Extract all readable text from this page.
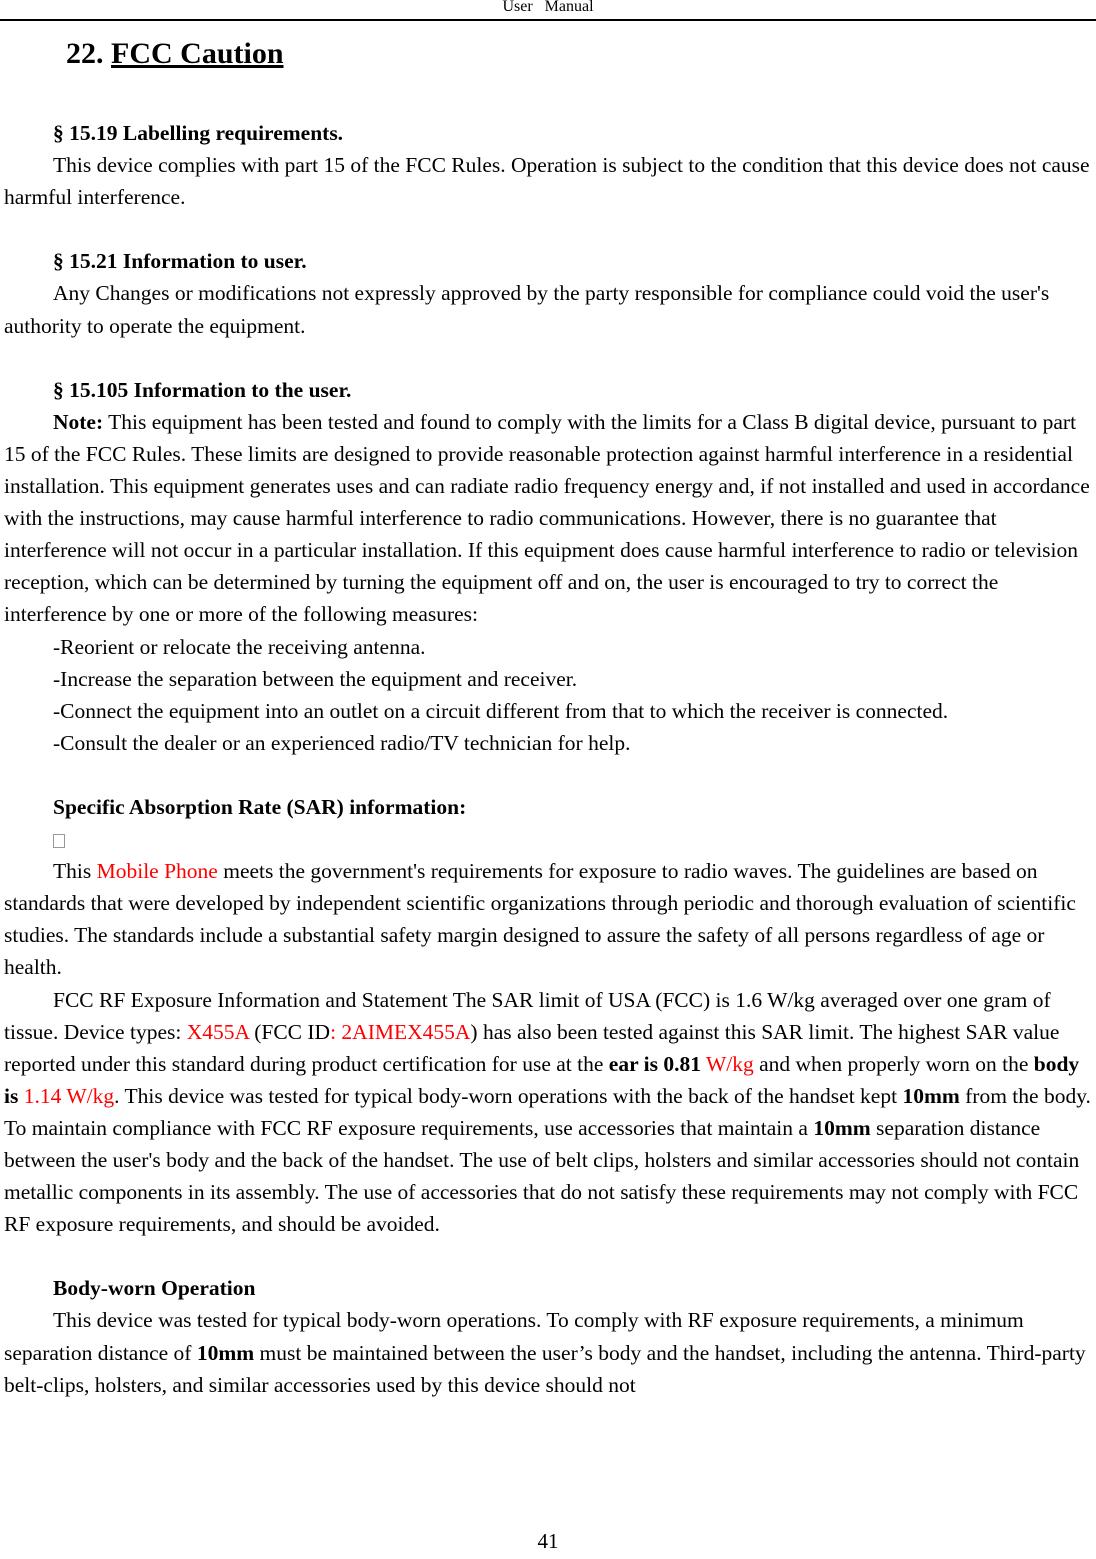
User Manual
22. FCC Caution

§ 15.19 Labelling requirements.

This device complies with part 15 of the FCC Rules. Operation is subject to the condition that this device does not cause harmful interference.

§ 15.21 Information to user.

Any Changes or modifications not expressly approved by the party responsible for compliance could void the user's authority to operate the equipment.

§ 15.105 Information to the user.

Note: This equipment has been tested and found to comply with the limits for a Class B digital device, pursuant to part 15 of the FCC Rules. These limits are designed to provide reasonable protection against harmful interference in a residential installation. This equipment generates uses and can radiate radio frequency energy and, if not installed and used in accordance with the instructions, may cause harmful interference to radio communications. However, there is no guarantee that interference will not occur in a particular installation. If this equipment does cause harmful interference to radio or television reception, which can be determined by turning the equipment off and on, the user is encouraged to try to correct the interference by one or more of the following measures:

-Reorient or relocate the receiving antenna.

-Increase the separation between the equipment and receiver.

-Connect the equipment into an outlet on a circuit different from that to which the receiver is connected.

-Consult the dealer or an experienced radio/TV technician for help.

Specific Absorption Rate (SAR) information:

This Mobile Phone meets the government's requirements for exposure to radio waves. The guidelines are based on standards that were developed by independent scientific organizations through periodic and thorough evaluation of scientific studies. The standards include a substantial safety margin designed to assure the safety of all persons regardless of age or health.

FCC RF Exposure Information and Statement The SAR limit of USA (FCC) is 1.6 W/kg averaged over one gram of tissue. Device types: X455A (FCC ID: 2AIMEX455A) has also been tested against this SAR limit. The highest SAR value reported under this standard during product certification for use at the ear is 0.81 W/kg and when properly worn on the body is 1.14 W/kg. This device was tested for typical body-worn operations with the back of the handset kept 10mm from the body. To maintain compliance with FCC RF exposure requirements, use accessories that maintain a 10mm separation distance between the user's body and the back of the handset. The use of belt clips, holsters and similar accessories should not contain metallic components in its assembly. The use of accessories that do not satisfy these requirements may not comply with FCC RF exposure requirements, and should be avoided.

Body-worn Operation

This device was tested for typical body-worn operations. To comply with RF exposure requirements, a minimum separation distance of 10mm must be maintained between the user’s body and the handset, including the antenna. Third-party belt-clips, holsters, and similar accessories used by this device should not

41
